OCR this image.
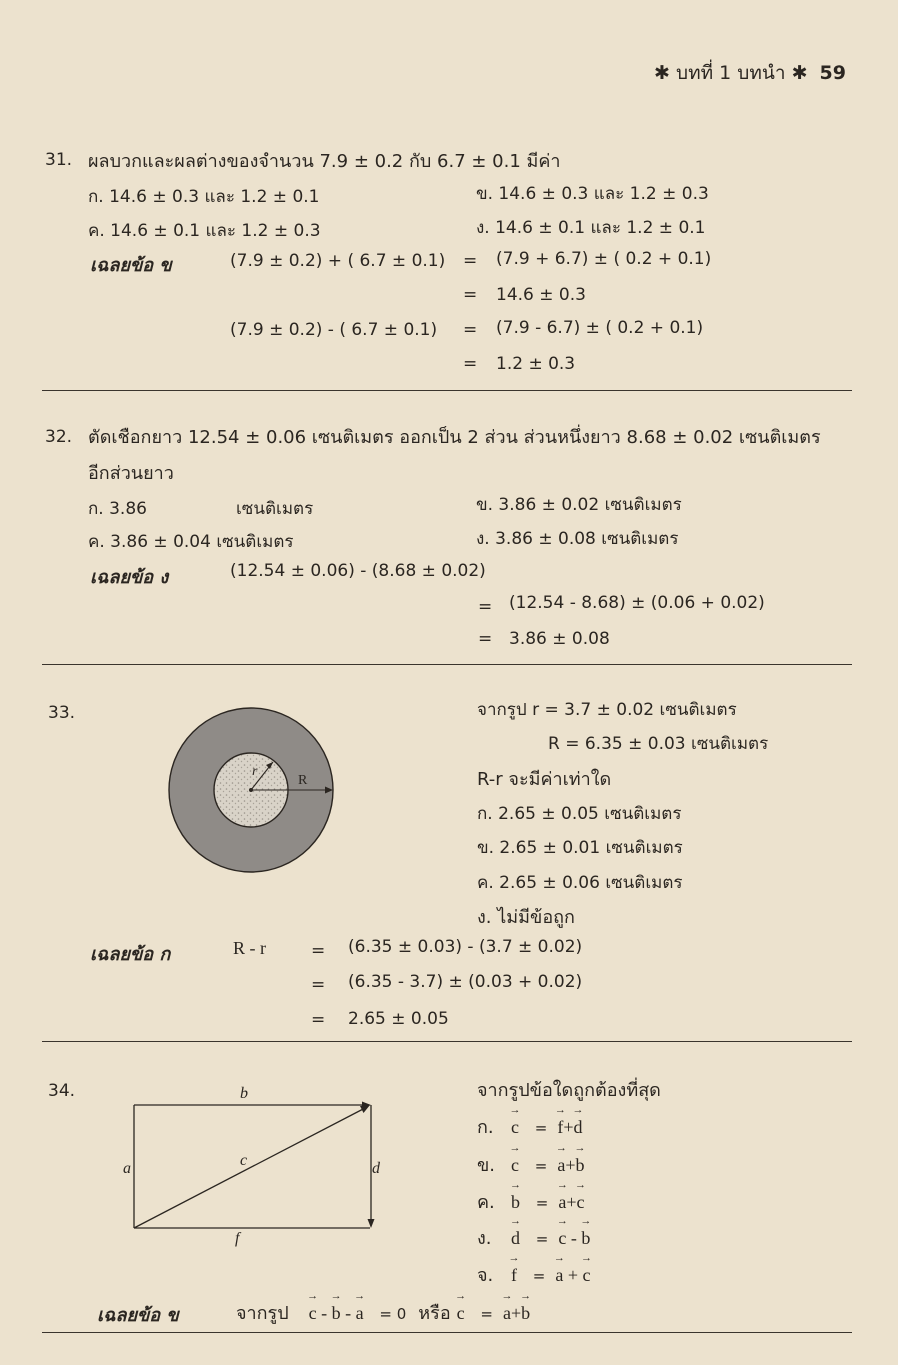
✱ บทที่ 1 บทนำ ✱ 59
31. ผลบวกและผลต่างของจำนวน 7.9 ± 0.2 กับ 6.7 ± 0.1 มีค่า
ก. 14.6 ± 0.3 และ 1.2 ± 0.1	ข. 14.6 ± 0.3 และ 1.2 ± 0.3
ค. 14.6 ± 0.1 และ 1.2 ± 0.3	ง. 14.6 ± 0.1 และ 1.2 ± 0.1
เฉลยข้อ ข	(7.9 ± 0.2) + ( 6.7 ± 0.1) = (7.9 + 6.7) ± ( 0.2 + 0.1)
= 14.6 ± 0.3
(7.9 ± 0.2) - ( 6.7 ± 0.1) = (7.9 - 6.7) ± ( 0.2 + 0.1)
= 1.2 ± 0.3
32. ตัดเชือกยาว 12.54 ± 0.06 เซนติเมตร ออกเป็น 2 ส่วน ส่วนหนึ่งยาว 8.68 ± 0.02 เซนติเมตร
อีกส่วนยาว
ก. 3.86	เซนติเมตร	ข. 3.86 ± 0.02 เซนติเมตร
ค. 3.86 ± 0.04 เซนติเมตร	ง. 3.86 ± 0.08 เซนติเมตร
เฉลยข้อ ง	(12.54 ± 0.06) - (8.68 ± 0.02)
= (12.54 - 8.68) ± (0.06 + 0.02)
= 3.86 ± 0.08
33.
r
R
จากรูป r = 3.7 ± 0.02 เซนติเมตร
R = 6.35 ± 0.03 เซนติเมตร
R-r จะมีค่าเท่าใด
ก. 2.65 ± 0.05 เซนติเมตร
ข. 2.65 ± 0.01 เซนติเมตร
ค. 2.65 ± 0.06 เซนติเมตร
ง. ไม่มีข้อถูก
เฉลยข้อ ก	R - r	= (6.35 ± 0.03) - (3.7 ± 0.02)
= (6.35 - 3.7) ± (0.03 + 0.02)
= 2.65 ± 0.05
34.	b
a	c	d
f
จากรูปข้อใดถูกต้องที่สุด
ก. → c = → f+→ d
ข. → c = → a+→ b
ค. → b = → a+→ c
ง. → d = → c - → b
จ. → f = → a + → c
เฉลยข้อ ข	จากรูป → c - → b - → a = 0 หรือ → c = → a+→ b
